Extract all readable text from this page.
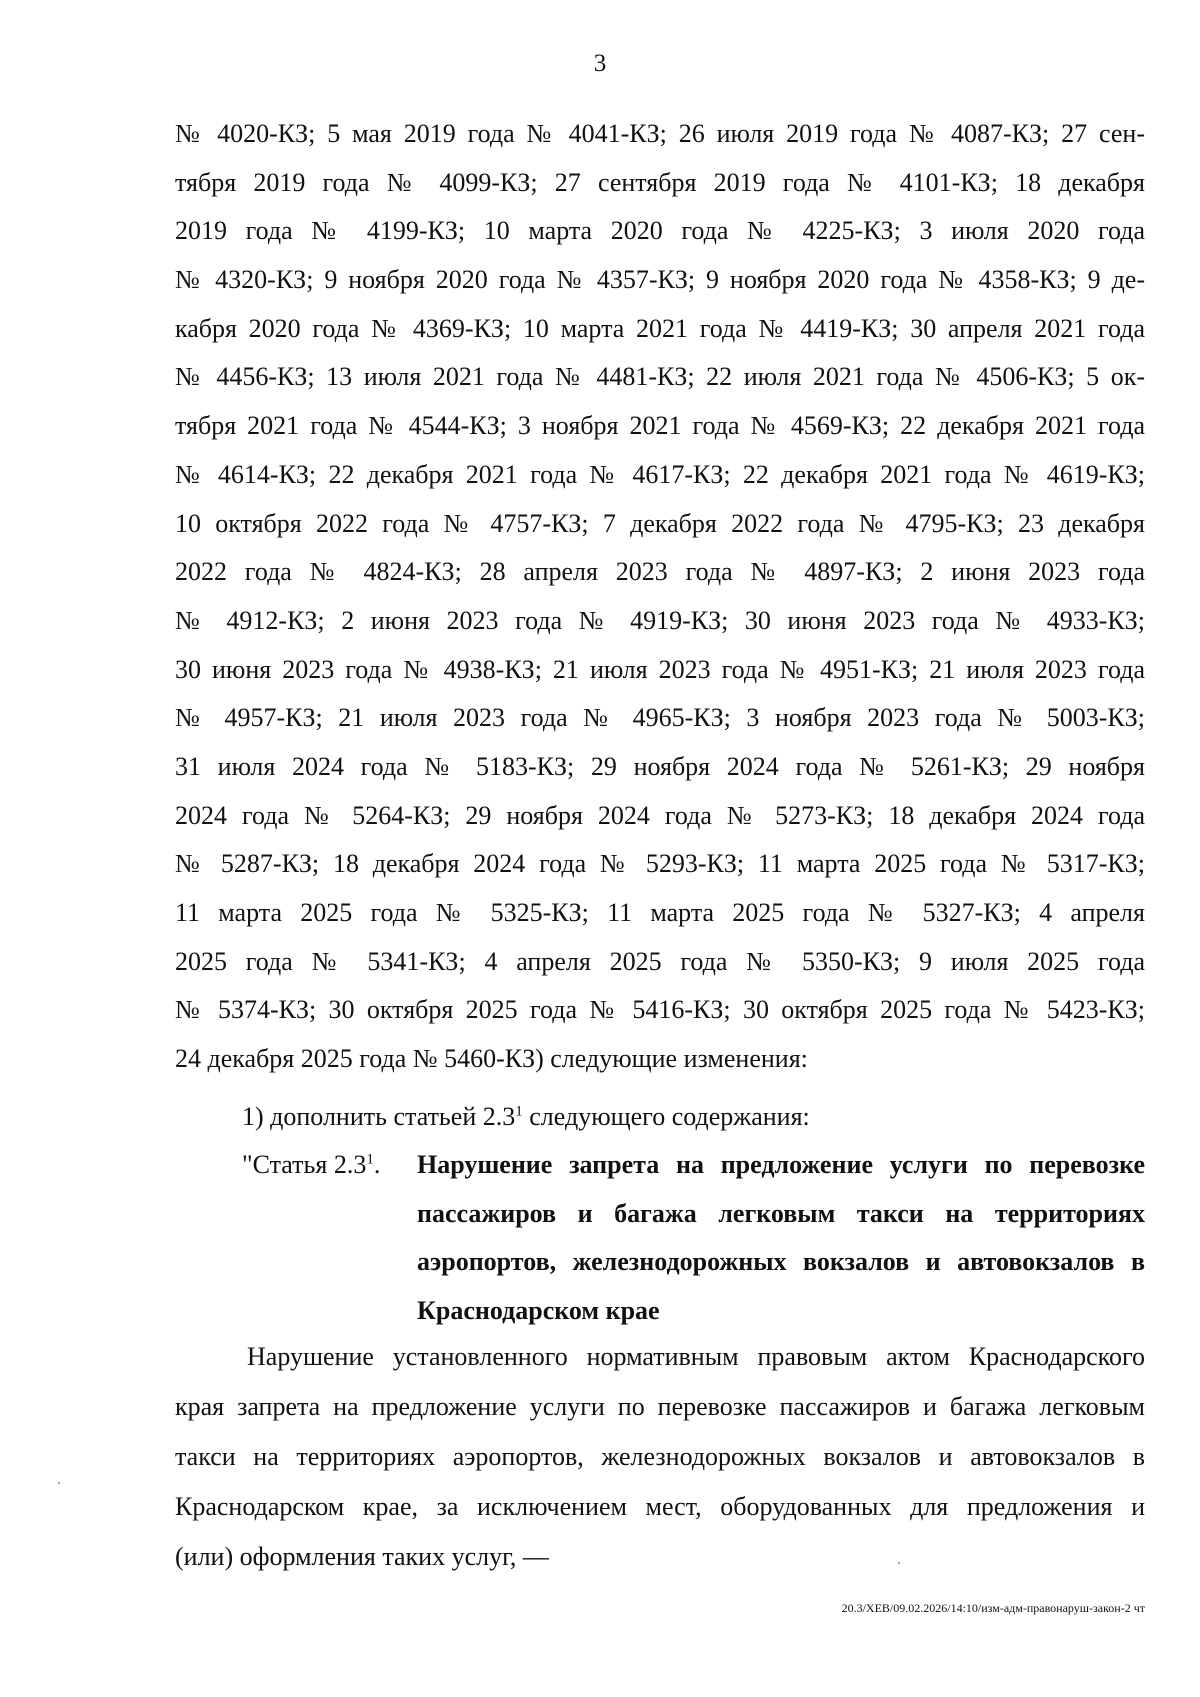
3
№ 4020-КЗ; 5 мая 2019 года № 4041-КЗ; 26 июля 2019 года № 4087-КЗ; 27 сен-
тября 2019 года № 4099-КЗ; 27 сентября 2019 года № 4101-КЗ; 18 декабря
2019 года № 4199-КЗ; 10 марта 2020 года № 4225-КЗ; 3 июля 2020 года
№ 4320-КЗ; 9 ноября 2020 года № 4357-КЗ; 9 ноября 2020 года № 4358-КЗ; 9 де-
кабря 2020 года № 4369-КЗ; 10 марта 2021 года № 4419-КЗ; 30 апреля 2021 года
№ 4456-КЗ; 13 июля 2021 года № 4481-КЗ; 22 июля 2021 года № 4506-КЗ; 5 ок-
тября 2021 года № 4544-КЗ; 3 ноября 2021 года № 4569-КЗ; 22 декабря 2021 года
№ 4614-КЗ; 22 декабря 2021 года № 4617-КЗ; 22 декабря 2021 года № 4619-КЗ;
10 октября 2022 года № 4757-КЗ; 7 декабря 2022 года № 4795-КЗ; 23 декабря
2022 года № 4824-КЗ; 28 апреля 2023 года № 4897-КЗ; 2 июня 2023 года
№ 4912-КЗ; 2 июня 2023 года № 4919-КЗ; 30 июня 2023 года № 4933-КЗ;
30 июня 2023 года № 4938-КЗ; 21 июля 2023 года № 4951-КЗ; 21 июля 2023 года
№ 4957-КЗ; 21 июля 2023 года № 4965-КЗ; 3 ноября 2023 года № 5003-КЗ;
31 июля 2024 года № 5183-КЗ; 29 ноября 2024 года № 5261-КЗ; 29 ноября
2024 года № 5264-КЗ; 29 ноября 2024 года № 5273-КЗ; 18 декабря 2024 года
№ 5287-КЗ; 18 декабря 2024 года № 5293-КЗ; 11 марта 2025 года № 5317-КЗ;
11 марта 2025 года № 5325-КЗ; 11 марта 2025 года № 5327-КЗ; 4 апреля
2025 года № 5341-КЗ; 4 апреля 2025 года № 5350-КЗ; 9 июля 2025 года
№ 5374-КЗ; 30 октября 2025 года № 5416-КЗ; 30 октября 2025 года № 5423-КЗ;
24 декабря 2025 года № 5460-КЗ) следующие изменения:
1) дополнить статьей $2.3^1$ следующего содержания:
"Статья $2.3^1$. Нарушение запрета на предложение услуги по перевозке
пассажиров и багажа легковым такси на территориях
аэропортов, железнодорожных вокзалов и автовокзалов в
Краснодарском крае
Нарушение установленного нормативным правовым актом Краснодарского
края запрета на предложение услуги по перевозке пассажиров и багажа легковым
такси на территориях аэропортов, железнодорожных вокзалов и автовокзалов в
Краснодарском крае, за исключением мест, оборудованных для предложения и
(или) оформления таких услуг, —
20.3/ХЕВ/09.02.2026/14:10/изм-адм-правонаруш-закон-2 чт
